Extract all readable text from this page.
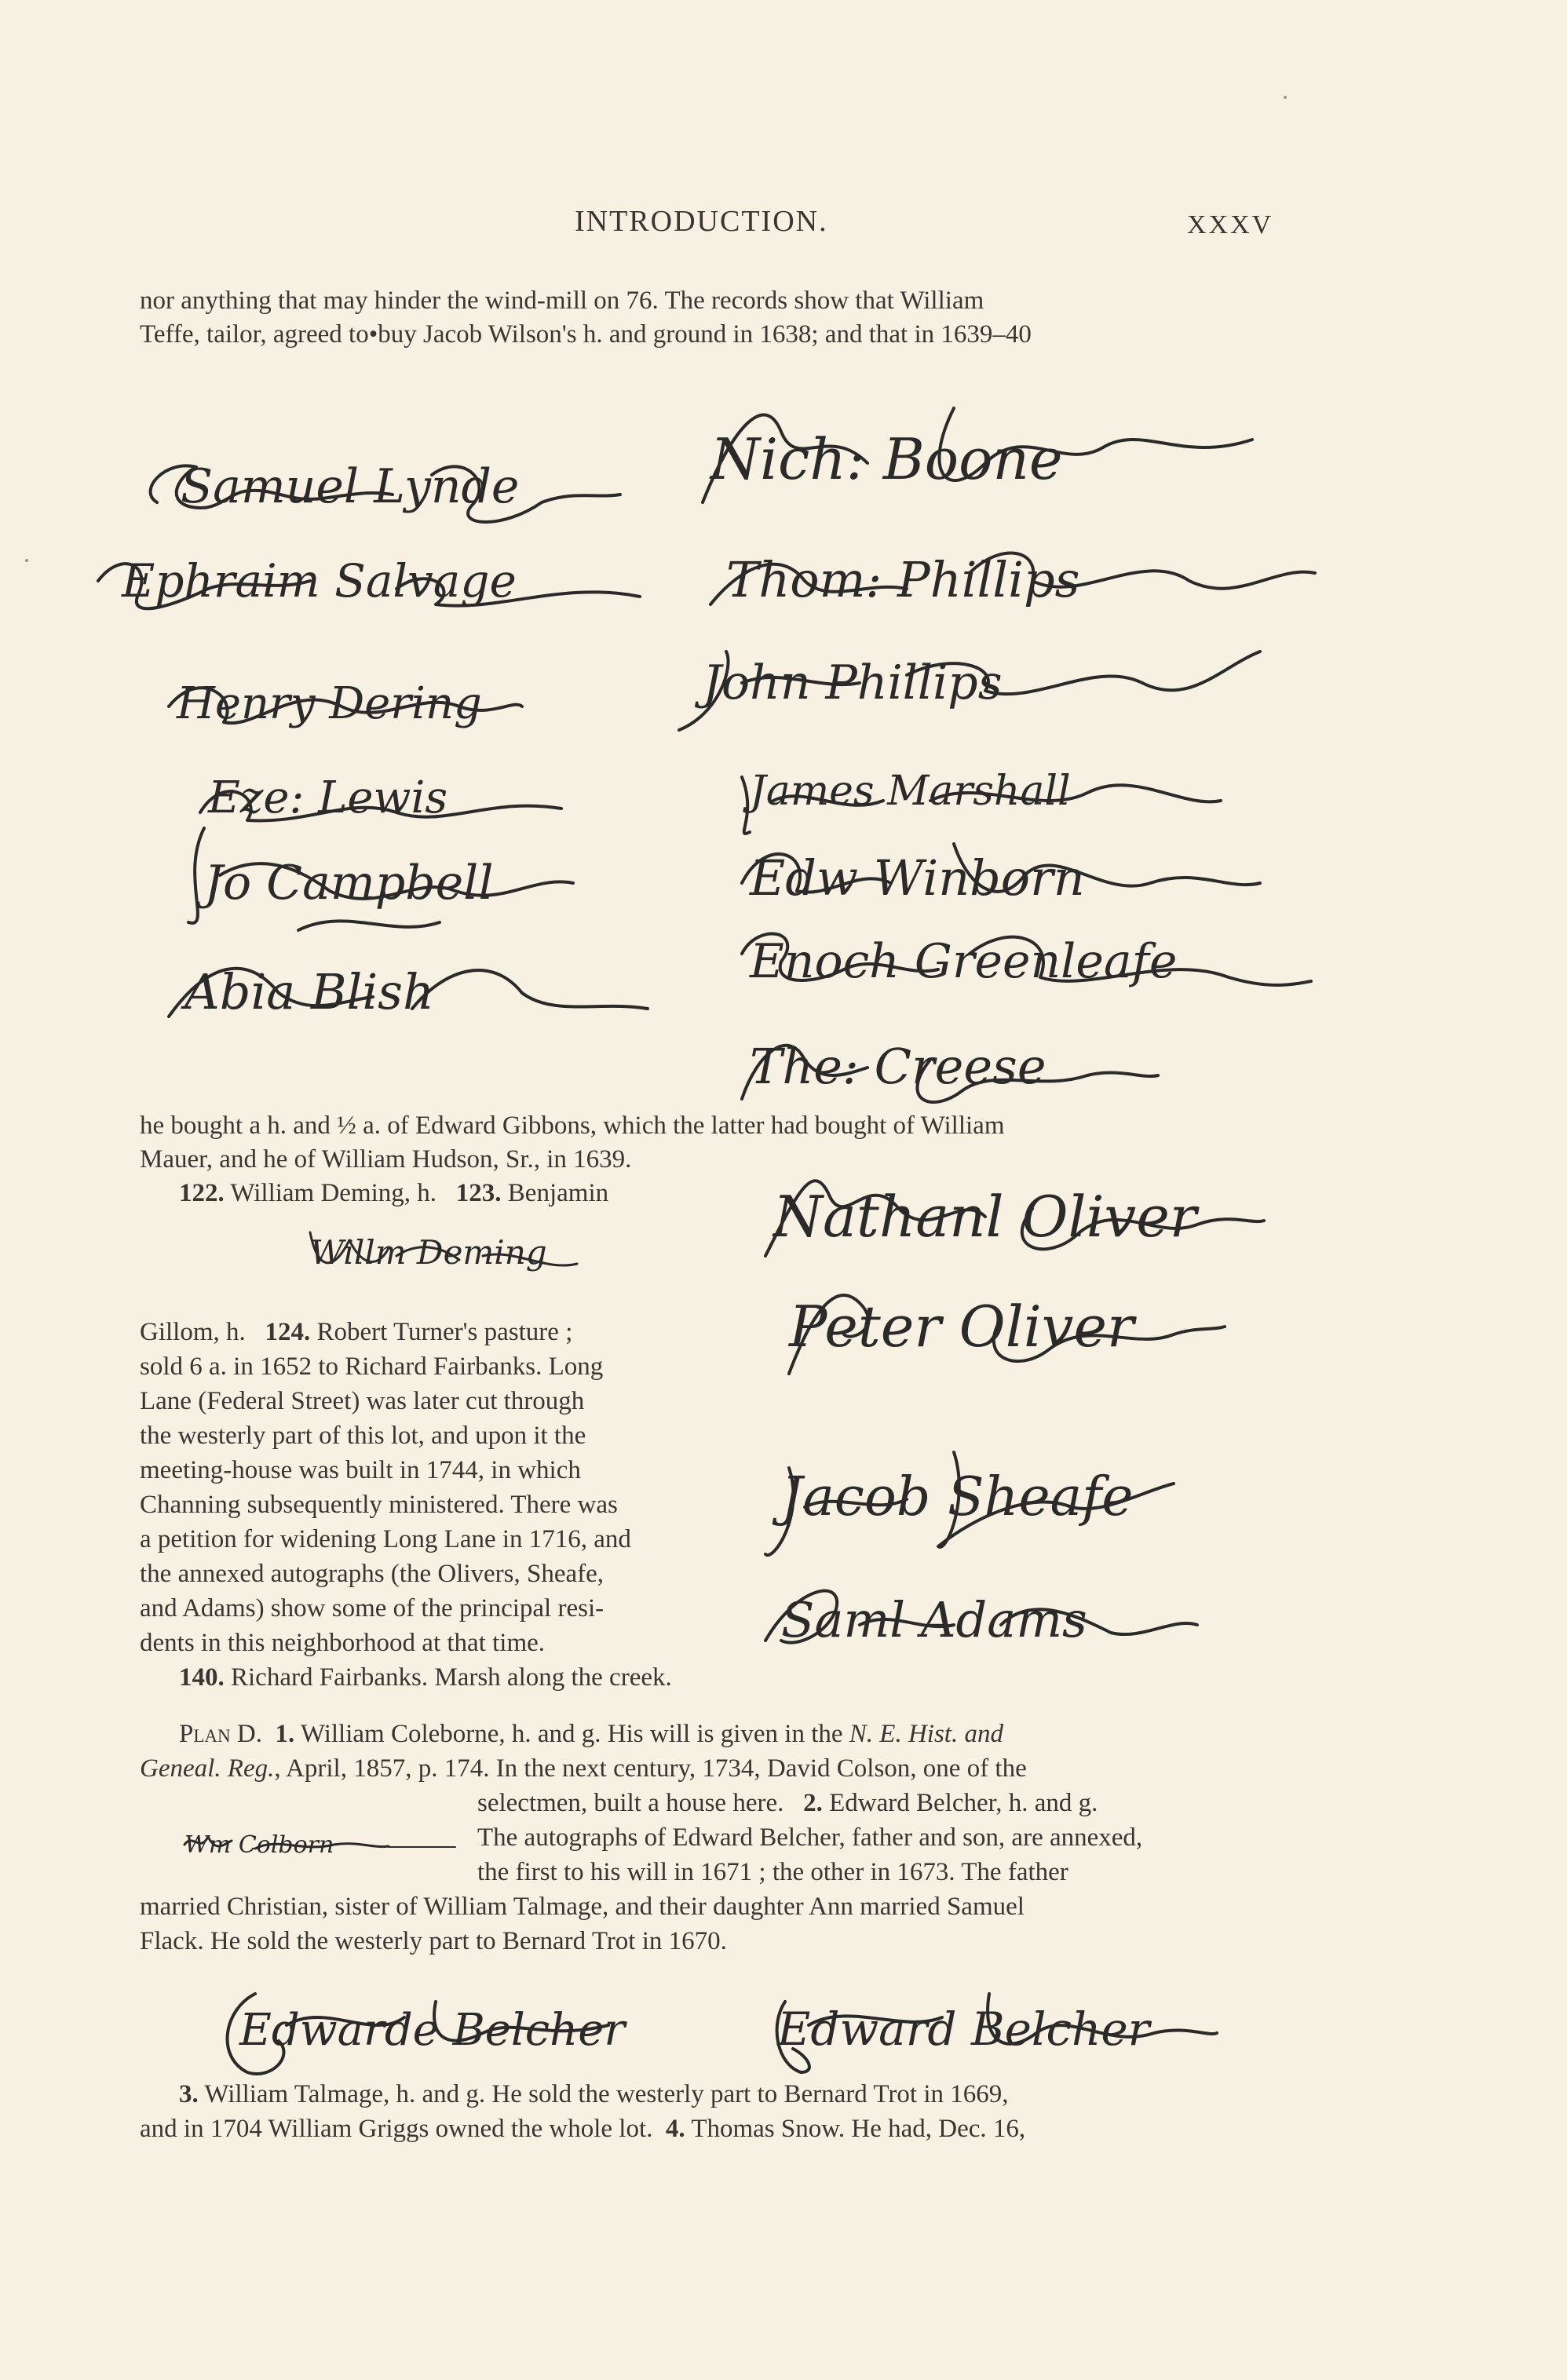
INTRODUCTION.	XXXV

nor anything that may hinder the wind-mill on 76. The records show that William

Teffe, tailor, agreed to•buy Jacob Wilson's h. and ground in 1638; and that in 1639–40

Samuel Lynde
Ephraim Salvage
Henry Dering
Eze: Lewis
Jo Campbell
Abia Blish
Nich: Boone
Thom: Phillips
John Phillips
James Marshall
Edw Winborn
Enoch Greenleafe
The: Creese

he bought a h. and ½ a. of Edward Gibbons, which the latter had bought of William

Mauer, and he of William Hudson, Sr., in 1639.

122. William Deming, h. 123. Benjamin

Willm Deming

Gillom, h. 124. Robert Turner's pasture ;

sold 6 a. in 1652 to Richard Fairbanks. Long

Lane (Federal Street) was later cut through

the westerly part of this lot, and upon it the

meeting-house was built in 1744, in which

Channing subsequently ministered. There was

a petition for widening Long Lane in 1716, and

the annexed autographs (the Olivers, Sheafe,

and Adams) show some of the principal resi-

dents in this neighborhood at that time.

140. Richard Fairbanks. Marsh along the creek.

Nathanl Oliver
Peter Oliver
Jacob Sheafe
Saml Adams

Plan D. 1. William Coleborne, h. and g. His will is given in the N. E. Hist. and

Geneal. Reg., April, 1857, p. 174. In the next century, 1734, David Colson, one of the

selectmen, built a house here. 2. Edward Belcher, h. and g.

The autographs of Edward Belcher, father and son, are annexed,

the first to his will in 1671 ; the other in 1673. The father

married Christian, sister of William Talmage, and their daughter Ann married Samuel

Flack. He sold the westerly part to Bernard Trot in 1670.

Wm Colborn
Edwarde Belcher	Edward Belcher

3. William Talmage, h. and g. He sold the westerly part to Bernard Trot in 1669,

and in 1704 William Griggs owned the whole lot. 4. Thomas Snow. He had, Dec. 16,
